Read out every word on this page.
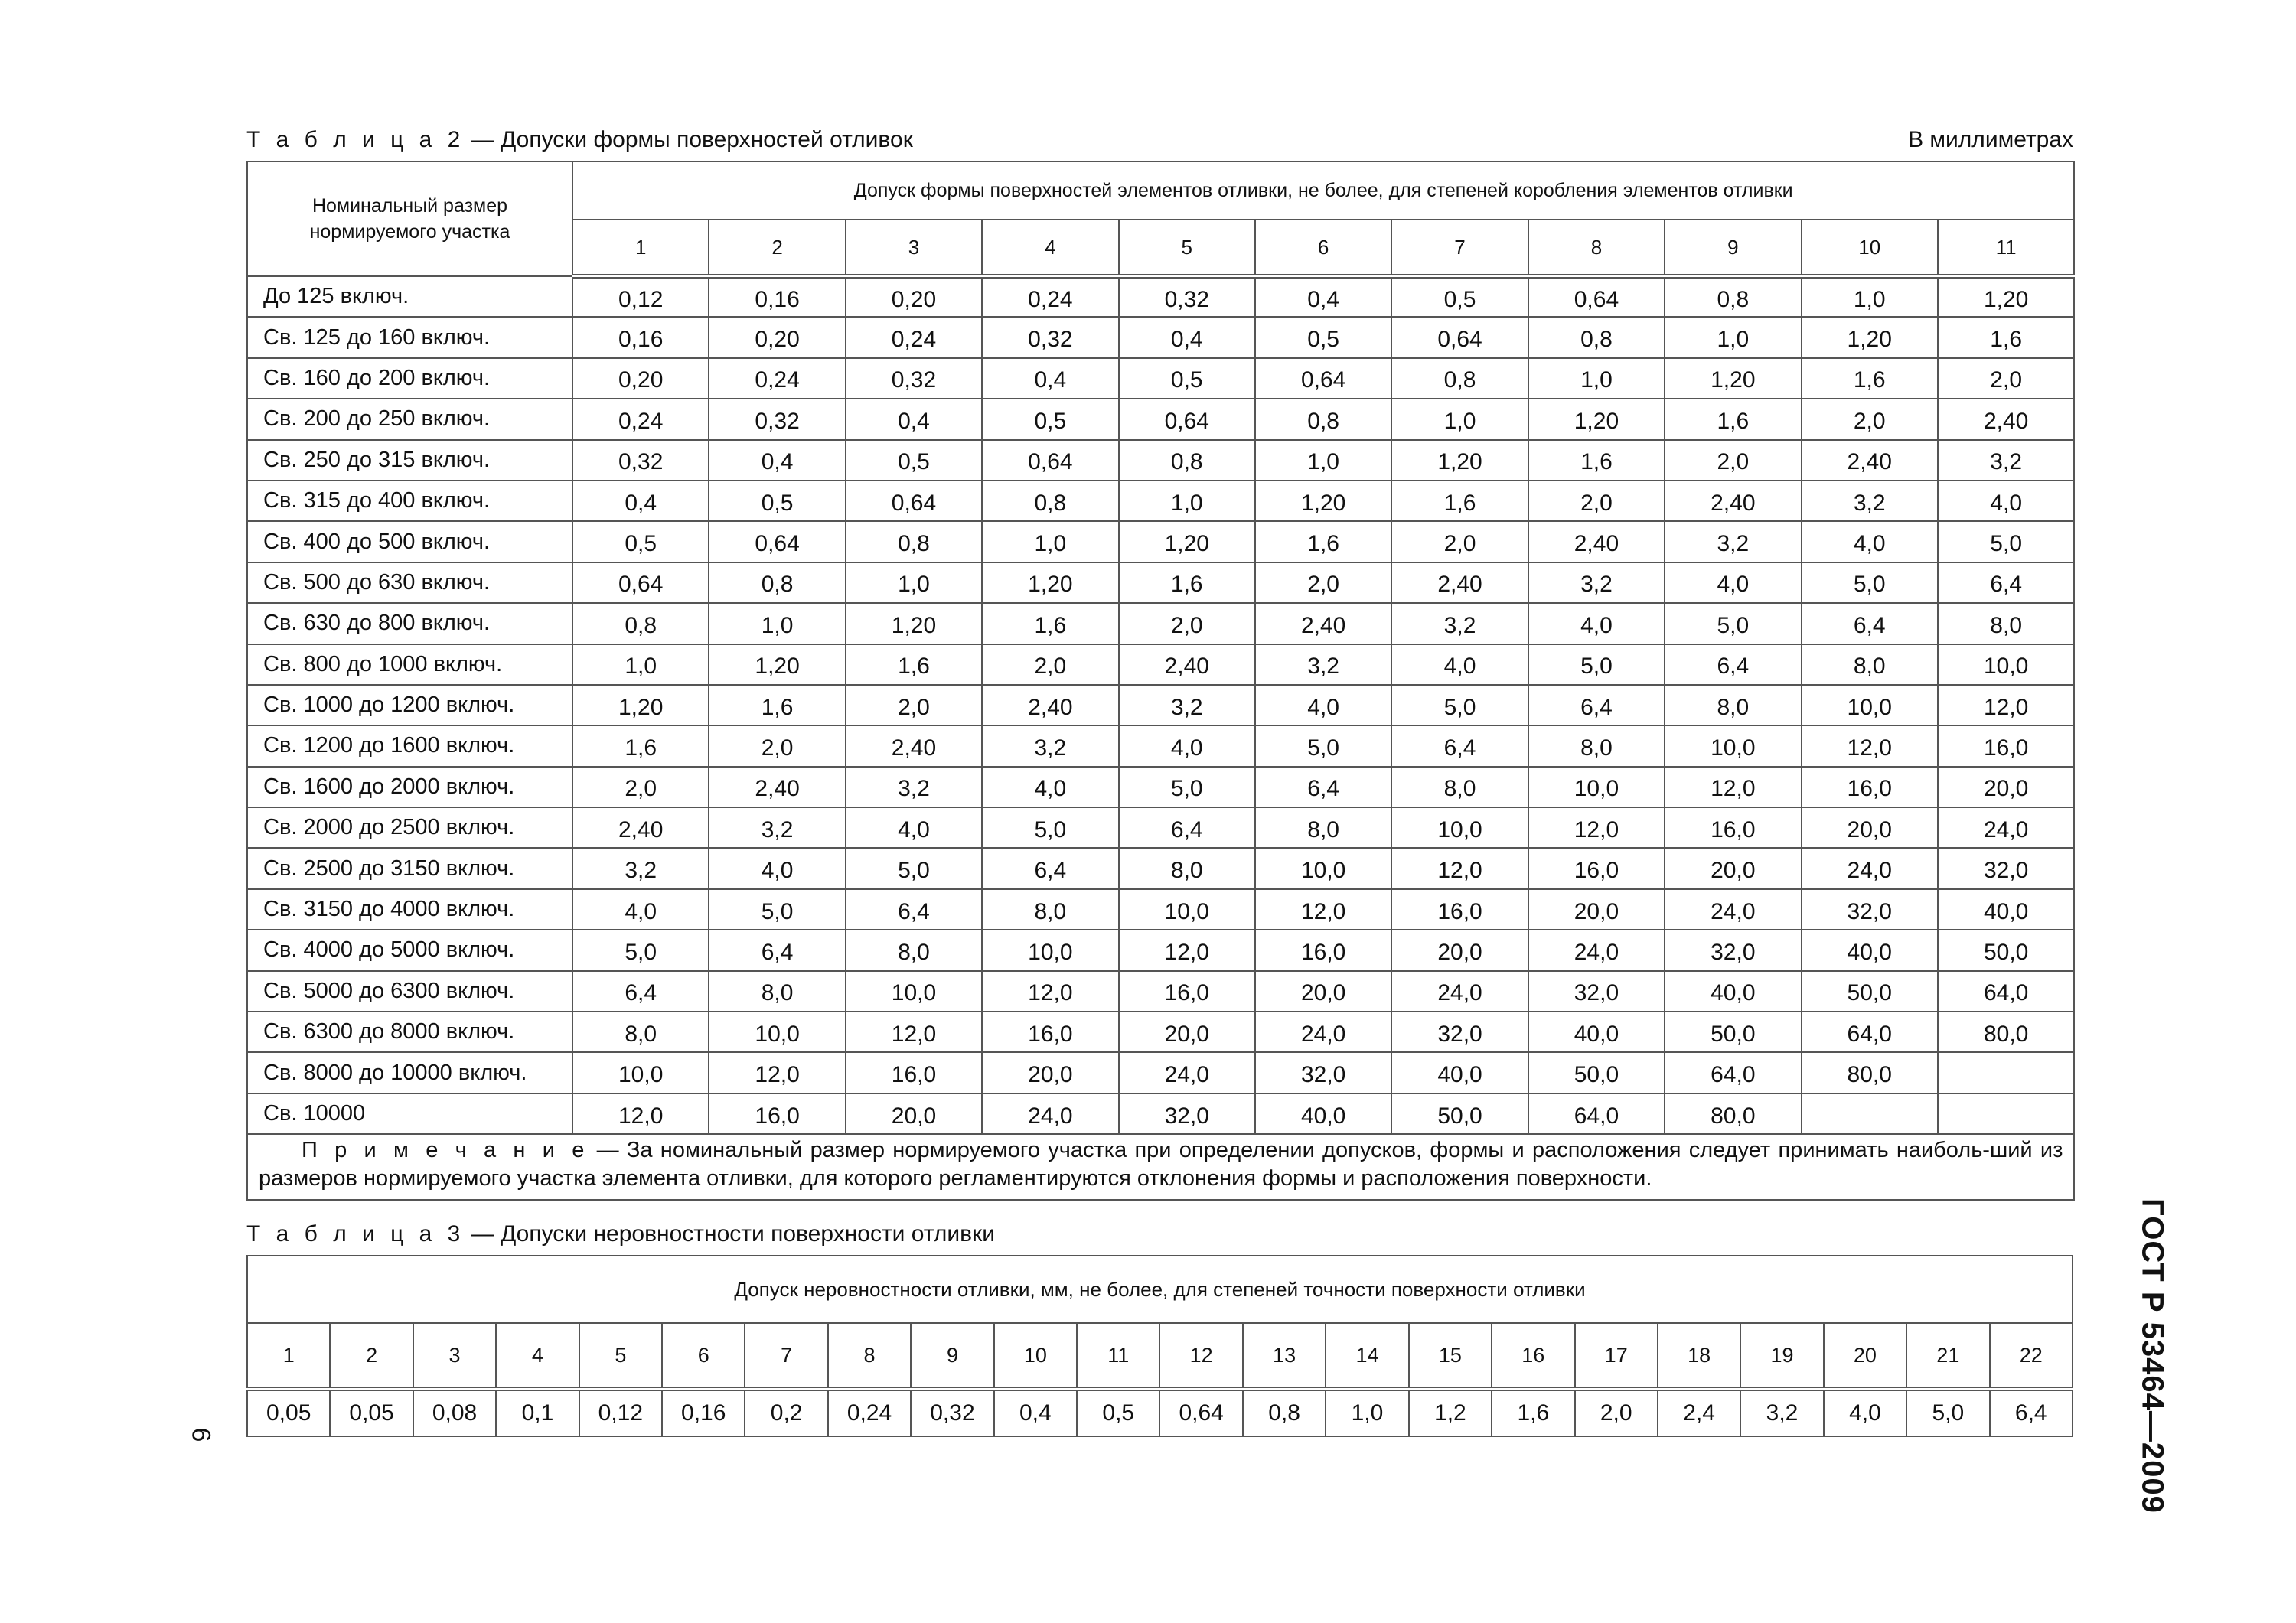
Т а б л и ц а 2 — Допуски формы поверхностей отливок	В миллиметрах
Номинальный размер нормируемого участка	Допуск формы поверхностей элементов отливки, не более, для степеней коробления элементов отливки										
	1	2	3	4	5	6	7	8	9	10	11
До 125 включ.	0,12	0,16	0,20	0,24	0,32	0,4	0,5	0,64	0,8	1,0	1,20
Св. 125 до 160 включ.	0,16	0,20	0,24	0,32	0,4	0,5	0,64	0,8	1,0	1,20	1,6
Св. 160 до 200 включ.	0,20	0,24	0,32	0,4	0,5	0,64	0,8	1,0	1,20	1,6	2,0
Св. 200 до 250 включ.	0,24	0,32	0,4	0,5	0,64	0,8	1,0	1,20	1,6	2,0	2,40
Св. 250 до 315 включ.	0,32	0,4	0,5	0,64	0,8	1,0	1,20	1,6	2,0	2,40	3,2
Св. 315 до 400 включ.	0,4	0,5	0,64	0,8	1,0	1,20	1,6	2,0	2,40	3,2	4,0
Св. 400 до 500 включ.	0,5	0,64	0,8	1,0	1,20	1,6	2,0	2,40	3,2	4,0	5,0
Св. 500 до 630 включ.	0,64	0,8	1,0	1,20	1,6	2,0	2,40	3,2	4,0	5,0	6,4
Св. 630 до 800 включ.	0,8	1,0	1,20	1,6	2,0	2,40	3,2	4,0	5,0	6,4	8,0
Св. 800 до 1000 включ.	1,0	1,20	1,6	2,0	2,40	3,2	4,0	5,0	6,4	8,0	10,0
Св. 1000 до 1200 включ.	1,20	1,6	2,0	2,40	3,2	4,0	5,0	6,4	8,0	10,0	12,0
Св. 1200 до 1600 включ.	1,6	2,0	2,40	3,2	4,0	5,0	6,4	8,0	10,0	12,0	16,0
Св. 1600 до 2000 включ.	2,0	2,40	3,2	4,0	5,0	6,4	8,0	10,0	12,0	16,0	20,0
Св. 2000 до 2500 включ.	2,40	3,2	4,0	5,0	6,4	8,0	10,0	12,0	16,0	20,0	24,0
Св. 2500 до 3150 включ.	3,2	4,0	5,0	6,4	8,0	10,0	12,0	16,0	20,0	24,0	32,0
Св. 3150 до 4000 включ.	4,0	5,0	6,4	8,0	10,0	12,0	16,0	20,0	24,0	32,0	40,0
Св. 4000 до 5000 включ.	5,0	6,4	8,0	10,0	12,0	16,0	20,0	24,0	32,0	40,0	50,0
Св. 5000 до 6300 включ.	6,4	8,0	10,0	12,0	16,0	20,0	24,0	32,0	40,0	50,0	64,0
Св. 6300 до 8000 включ.	8,0	10,0	12,0	16,0	20,0	24,0	32,0	40,0	50,0	64,0	80,0
Св. 8000 до 10000 включ.	10,0	12,0	16,0	20,0	24,0	32,0	40,0	50,0	64,0	80,0	
Св. 10000	12,0	16,0	20,0	24,0	32,0	40,0	50,0	64,0	80,0		
П р и м е ч а н и е — За номинальный размер нормируемого участка при определении допусков, формы и расположения следует принимать наиболь-ший из размеров нормируемого участка элемента отливки, для которого регламентируются отклонения формы и расположения поверхности.											
Т а б л и ц а 3 — Допуски неровностности поверхности отливки
Допуск неровностности отливки, мм, не более, для степеней точности поверхности отливки																					
1	2	3	4	5	6	7	8	9	10	11	12	13	14	15	16	17	18	19	20	21	22
0,05	0,05	0,08	0,1	0,12	0,16	0,2	0,24	0,32	0,4	0,5	0,64	0,8	1,0	1,2	1,6	2,0	2,4	3,2	4,0	5,0	6,4	ГОСТ Р 53464—2009
6
